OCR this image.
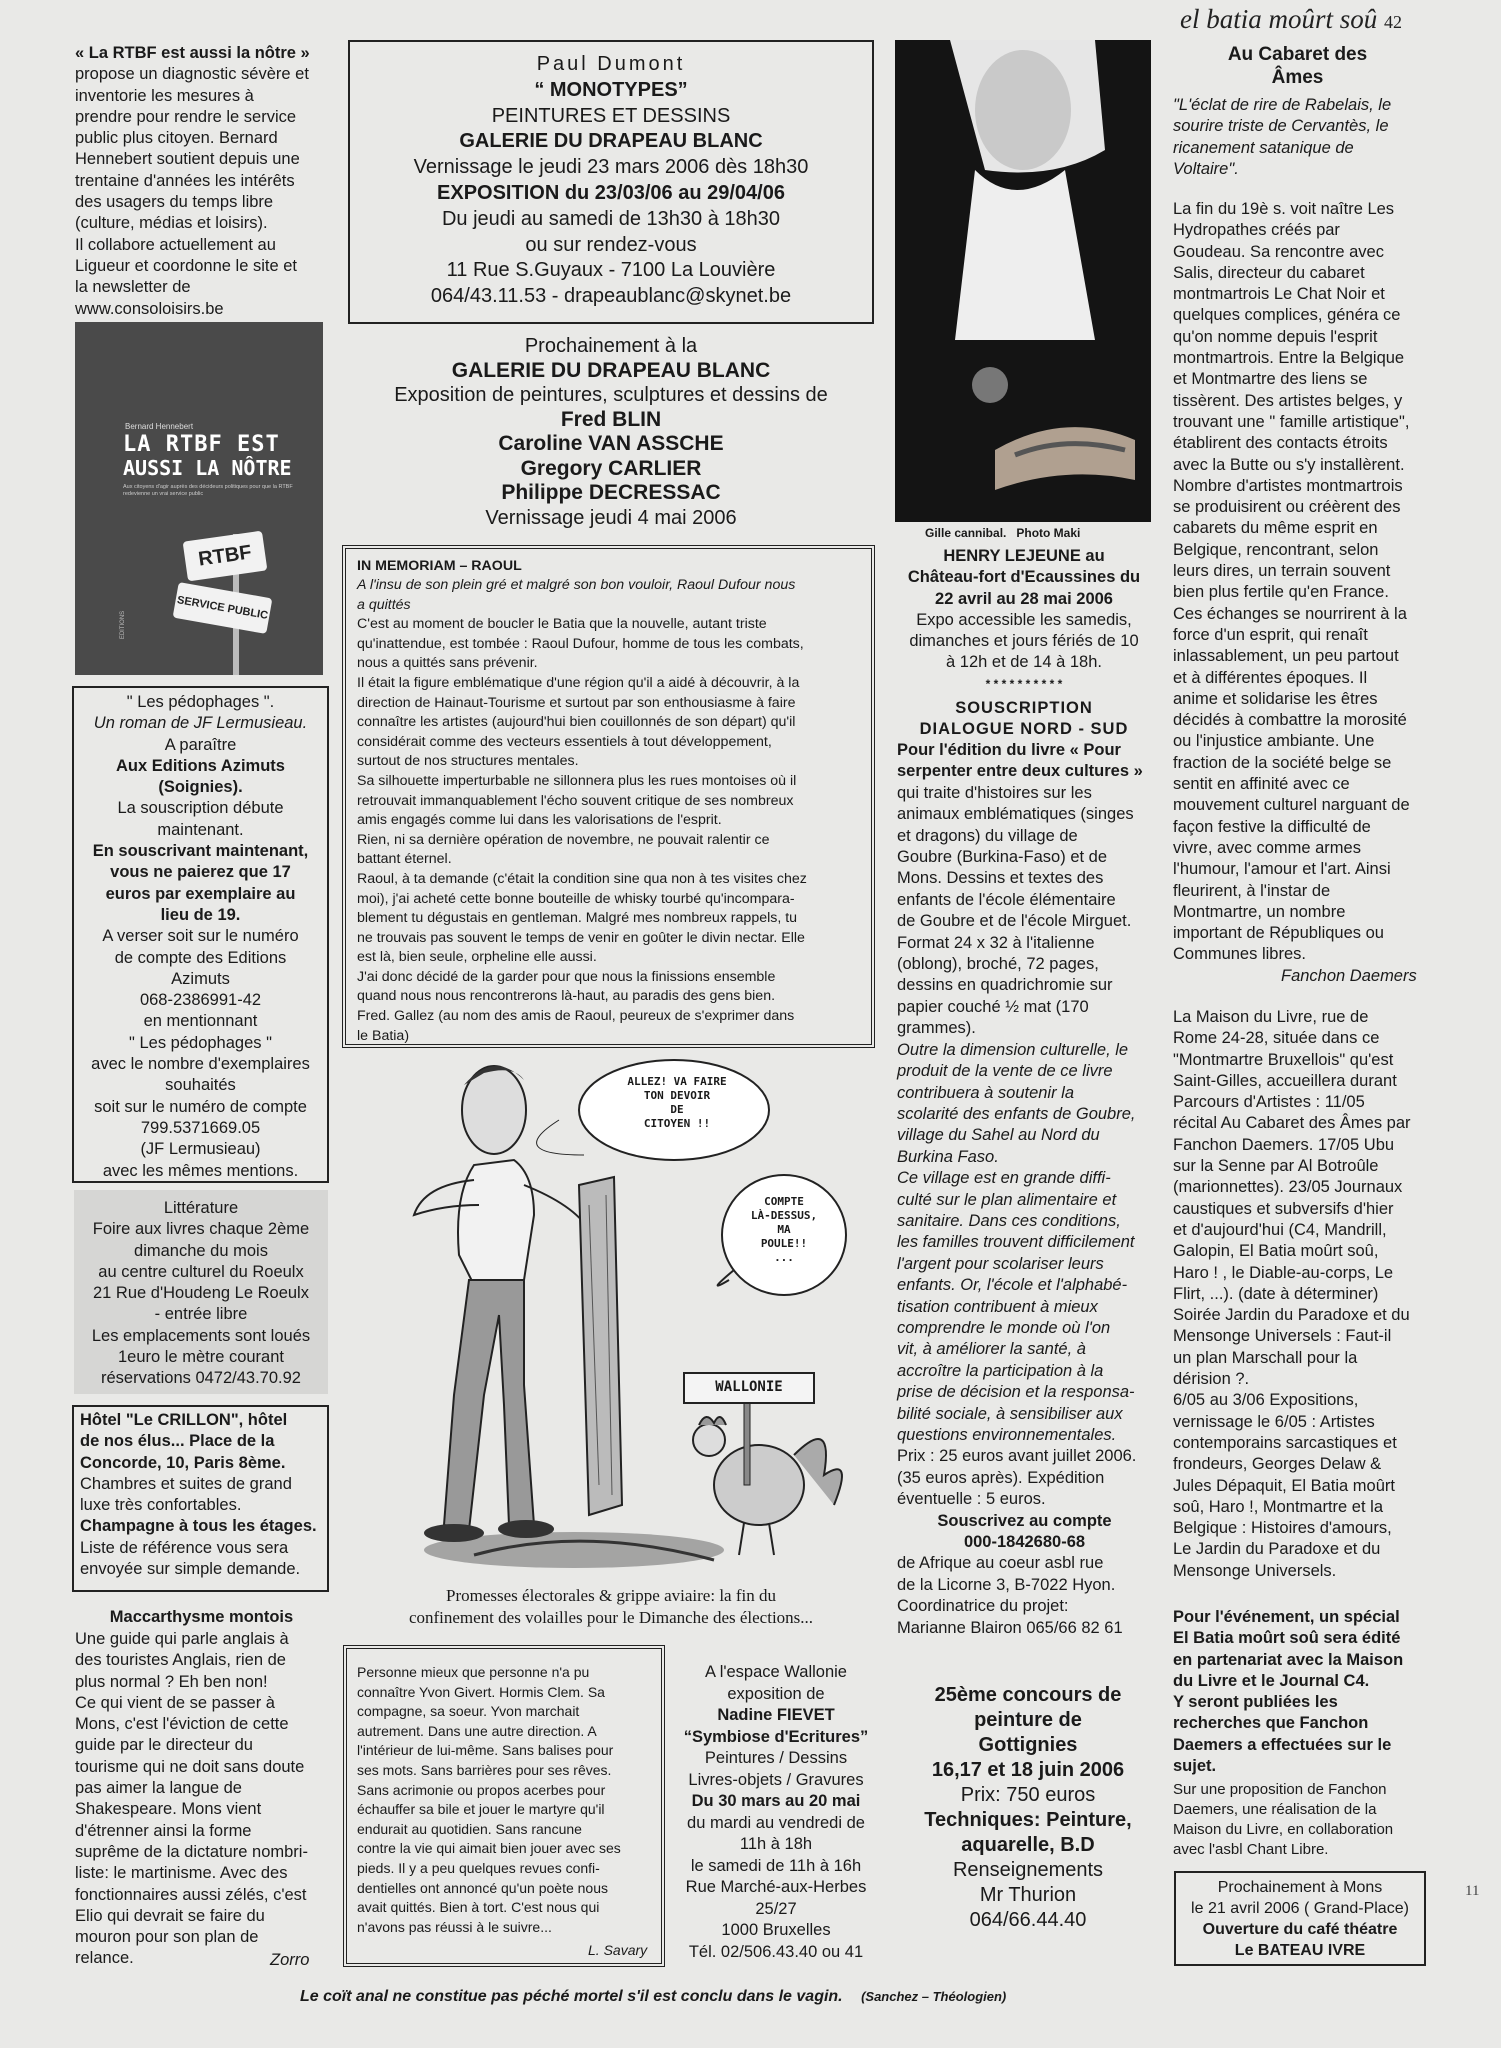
el batia moûrt soû 42
« La RTBF est aussi la nôtre »
propose un diagnostic sévère et
inventorie les mesures à
prendre pour rendre le service
public plus citoyen. Bernard
Hennebert soutient depuis une
trentaine d'années les intérêts
des usagers du temps libre
(culture, médias et loisirs).
Il collabore actuellement au
Ligueur et coordonne le site et
la newsletter de
www.consoloisirs.be
Bernard Hennebert
LA RTBF EST
AUSSI LA NÔTRE
Aux citoyens d'agir auprès des décideurs politiques pour que la RTBF redevienne un vrai service public
RTBF
SERVICE PUBLIC
EDITIONS
" Les pédophages ".
Un roman de JF Lermusieau.
A paraître
Aux Editions Azimuts
(Soignies).
La souscription débute
maintenant.
En souscrivant maintenant,
vous ne paierez que 17
euros par exemplaire au
lieu de 19.
A verser soit sur le numéro
de compte des Editions
Azimuts
068-2386991-42
en mentionnant
" Les pédophages "
avec le nombre d'exemplaires
souhaités
soit sur le numéro de compte
799.5371669.05
(JF Lermusieau)
avec les mêmes mentions.
Littérature
Foire aux livres chaque 2ème
dimanche du mois
au centre culturel du Roeulx
21 Rue d'Houdeng Le Roeulx
- entrée libre
Les emplacements sont loués
1euro le mètre courant
réservations 0472/43.70.92
Hôtel "Le CRILLON", hôtel
de nos élus... Place de la
Concorde, 10, Paris 8ème.
Chambres et suites de grand
luxe très confortables.
Champagne à tous les étages.
Liste de référence vous sera
envoyée sur simple demande.
Maccarthysme montois
Une guide qui parle anglais à
des touristes Anglais, rien de
plus normal ? Eh ben non!
Ce qui vient de se passer à
Mons, c'est l'éviction de cette
guide par le directeur du
tourisme qui ne doit sans doute
pas aimer la langue de
Shakespeare. Mons vient
d'étrenner ainsi la forme
suprême de la dictature nombri-
liste: le martinisme. Avec des
fonctionnaires aussi zélés, c'est
Elio qui devrait se faire du
mouron pour son plan de
relance.	Zorro
Paul Dumont
“ MONOTYPES”
PEINTURES ET DESSINS
GALERIE DU DRAPEAU BLANC
Vernissage le jeudi 23 mars 2006 dès 18h30
EXPOSITION du 23/03/06 au 29/04/06
Du jeudi au samedi de 13h30 à 18h30
ou sur rendez-vous
11 Rue S.Guyaux - 7100 La Louvière
064/43.11.53 - drapeaublanc@skynet.be
Prochainement à la
GALERIE DU DRAPEAU BLANC
Exposition de peintures, sculptures et dessins de
Fred BLIN
Caroline VAN ASSCHE
Gregory CARLIER
Philippe DECRESSAC
Vernissage jeudi 4 mai 2006
IN MEMORIAM – RAOUL
A l'insu de son plein gré et malgré son bon vouloir, Raoul Dufour nous
a quittés
C'est au moment de boucler le Batia que la nouvelle, autant triste
qu'inattendue, est tombée : Raoul Dufour, homme de tous les combats,
nous a quittés sans prévenir.
Il était la figure emblématique d'une région qu'il a aidé à découvrir, à la
direction de Hainaut-Tourisme et surtout par son enthousiasme à faire
connaître les artistes (aujourd'hui bien couillonnés de son départ) qu'il
considérait comme des vecteurs essentiels à tout développement,
surtout de nos structures mentales.
Sa silhouette imperturbable ne sillonnera plus les rues montoises où il
retrouvait immanquablement l'écho souvent critique de ses nombreux
amis engagés comme lui dans les valorisations de l'esprit.
Rien, ni sa dernière opération de novembre, ne pouvait ralentir ce
battant éternel.
Raoul, à ta demande (c'était la condition sine qua non à tes visites chez
moi), j'ai acheté cette bonne bouteille de whisky tourbé qu'incompara-
blement tu dégustais en gentleman. Malgré mes nombreux rappels, tu
ne trouvais pas souvent le temps de venir en goûter le divin nectar. Elle
est là, bien seule, orpheline elle aussi.
J'ai donc décidé de la garder pour que nous la finissions ensemble
quand nous nous rencontrerons là-haut, au paradis des gens bien.
Fred. Gallez (au nom des amis de Raoul, peureux de s'exprimer dans
le Batia)
ALLEZ! VA FAIRE
TON DEVOIR
DE
CITOYEN !!
COMPTE
LÀ-DESSUS,
MA
POULE!!
...
WALLONIE
Promesses électorales & grippe aviaire: la fin du
confinement des volailles pour le Dimanche des élections...
Personne mieux que personne n'a pu
connaître Yvon Givert. Hormis Clem. Sa
compagne, sa soeur. Yvon marchait
autrement. Dans une autre direction. A
l'intérieur de lui-même. Sans balises pour
ses mots. Sans barrières pour ses rêves.
Sans acrimonie ou propos acerbes pour
échauffer sa bile et jouer le martyre qu'il
endurait au quotidien. Sans rancune
contre la vie qui aimait bien jouer avec ses
pieds. Il y a peu quelques revues confi-
dentielles ont annoncé qu'un poète nous
avait quittés. Bien à tort. C'est nous qui
n'avons pas réussi à le suivre...
L. Savary
A l'espace Wallonie
exposition de
Nadine FIEVET
“Symbiose d'Ecritures”
Peintures / Dessins
Livres-objets / Gravures
Du 30 mars au 20 mai
du mardi au vendredi de
11h à 18h
le samedi de 11h à 16h
Rue Marché-aux-Herbes
25/27
1000 Bruxelles
Tél. 02/506.43.40 ou 41
Gille cannibal.   Photo Maki
HENRY LEJEUNE au
Château-fort d'Ecaussines du
22 avril au 28 mai 2006
Expo accessible les samedis,
dimanches et jours fériés de 10
à 12h et de 14 à 18h.
* * * * * * * * * *
SOUSCRIPTION
DIALOGUE NORD - SUD
Pour l'édition du livre « Pour
serpenter entre deux cultures »
qui traite d'histoires sur les
animaux emblématiques (singes
et dragons) du village de
Goubre (Burkina-Faso) et de
Mons. Dessins et textes des
enfants de l'école élémentaire
de Goubre et de l'école Mirguet.
Format 24 x 32 à l'italienne
(oblong), broché, 72 pages,
dessins en quadrichromie sur
papier couché ½ mat (170
grammes).
Outre la dimension culturelle, le
produit de la vente de ce livre
contribuera à soutenir la
scolarité des enfants de Goubre,
village du Sahel au Nord du
Burkina Faso.
Ce village est en grande diffi-
culté sur le plan alimentaire et
sanitaire. Dans ces conditions,
les familles trouvent difficilement
l'argent pour scolariser leurs
enfants. Or, l'école et l'alphabé-
tisation contribuent à mieux
comprendre le monde où l'on
vit, à améliorer la santé, à
accroître la participation à la
prise de décision et la responsa-
bilité sociale, à sensibiliser aux
questions environnementales.
Prix : 25 euros avant juillet 2006.
(35 euros après). Expédition
éventuelle : 5 euros.
Souscrivez au compte
000-1842680-68
de Afrique au coeur asbl rue
de la Licorne 3, B-7022 Hyon.
Coordinatrice du projet:
Marianne Blairon 065/66 82 61
25ème concours de
peinture de
Gottignies
16,17 et 18 juin 2006
Prix: 750 euros
Techniques: Peinture,
aquarelle, B.D
Renseignements
Mr Thurion
064/66.44.40
Au Cabaret des
Âmes
"L'éclat de rire de Rabelais, le
sourire triste de Cervantès, le
ricanement satanique de
Voltaire".
La fin du 19è s. voit naître Les
Hydropathes créés par
Goudeau. Sa rencontre avec
Salis, directeur du cabaret
montmartrois Le Chat Noir et
quelques complices, généra ce
qu'on nomme depuis l'esprit
montmartrois. Entre la Belgique
et Montmartre des liens se
tissèrent. Des artistes belges, y
trouvant une " famille artistique",
établirent des contacts étroits
avec la Butte ou s'y installèrent.
Nombre d'artistes montmartrois
se produisirent ou créèrent des
cabarets du même esprit en
Belgique, rencontrant, selon
leurs dires, un terrain souvent
bien plus fertile qu'en France.
Ces échanges se nourrirent à la
force d'un esprit, qui renaît
inlassablement, un peu partout
et à différentes époques. Il
anime et solidarise les êtres
décidés à combattre la morosité
ou l'injustice ambiante. Une
fraction de la société belge se
sentit en affinité avec ce
mouvement culturel narguant de
façon festive la difficulté de
vivre, avec comme armes
l'humour, l'amour et l'art. Ainsi
fleurirent, à l'instar de
Montmartre, un nombre
important de Républiques ou
Communes libres.
Fanchon Daemers
La Maison du Livre, rue de
Rome 24-28, située dans ce
"Montmartre Bruxellois" qu'est
Saint-Gilles, accueillera durant
Parcours d'Artistes : 11/05
récital Au Cabaret des Âmes par
Fanchon Daemers. 17/05 Ubu
sur la Senne par Al Botroûle
(marionnettes). 23/05 Journaux
caustiques et subversifs d'hier
et d'aujourd'hui (C4, Mandrill,
Galopin, El Batia moûrt soû,
Haro ! , le Diable-au-corps, Le
Flirt, ...). (date à déterminer)
Soirée Jardin du Paradoxe et du
Mensonge Universels : Faut-il
un plan Marschall pour la
dérision ?.
6/05 au 3/06 Expositions,
vernissage le 6/05 : Artistes
contemporains sarcastiques et
frondeurs, Georges Delaw &
Jules Dépaquit, El Batia moûrt
soû, Haro !, Montmartre et la
Belgique : Histoires d'amours,
Le Jardin du Paradoxe et du
Mensonge Universels.
Pour l'événement, un spécial
El Batia moûrt soû sera édité
en partenariat avec la Maison
du Livre et le Journal C4.
Y seront publiées les
recherches que Fanchon
Daemers a effectuées sur le
sujet.
Sur une proposition de Fanchon
Daemers, une réalisation de la
Maison du Livre, en collaboration
avec l'asbl Chant Libre.
Prochainement à Mons
le 21 avril 2006 ( Grand-Place)
Ouverture du café théatre
Le BATEAU IVRE
11
Le coït anal ne constitue pas péché mortel s'il est conclu dans le vagin. (Sanchez – Théologien)
